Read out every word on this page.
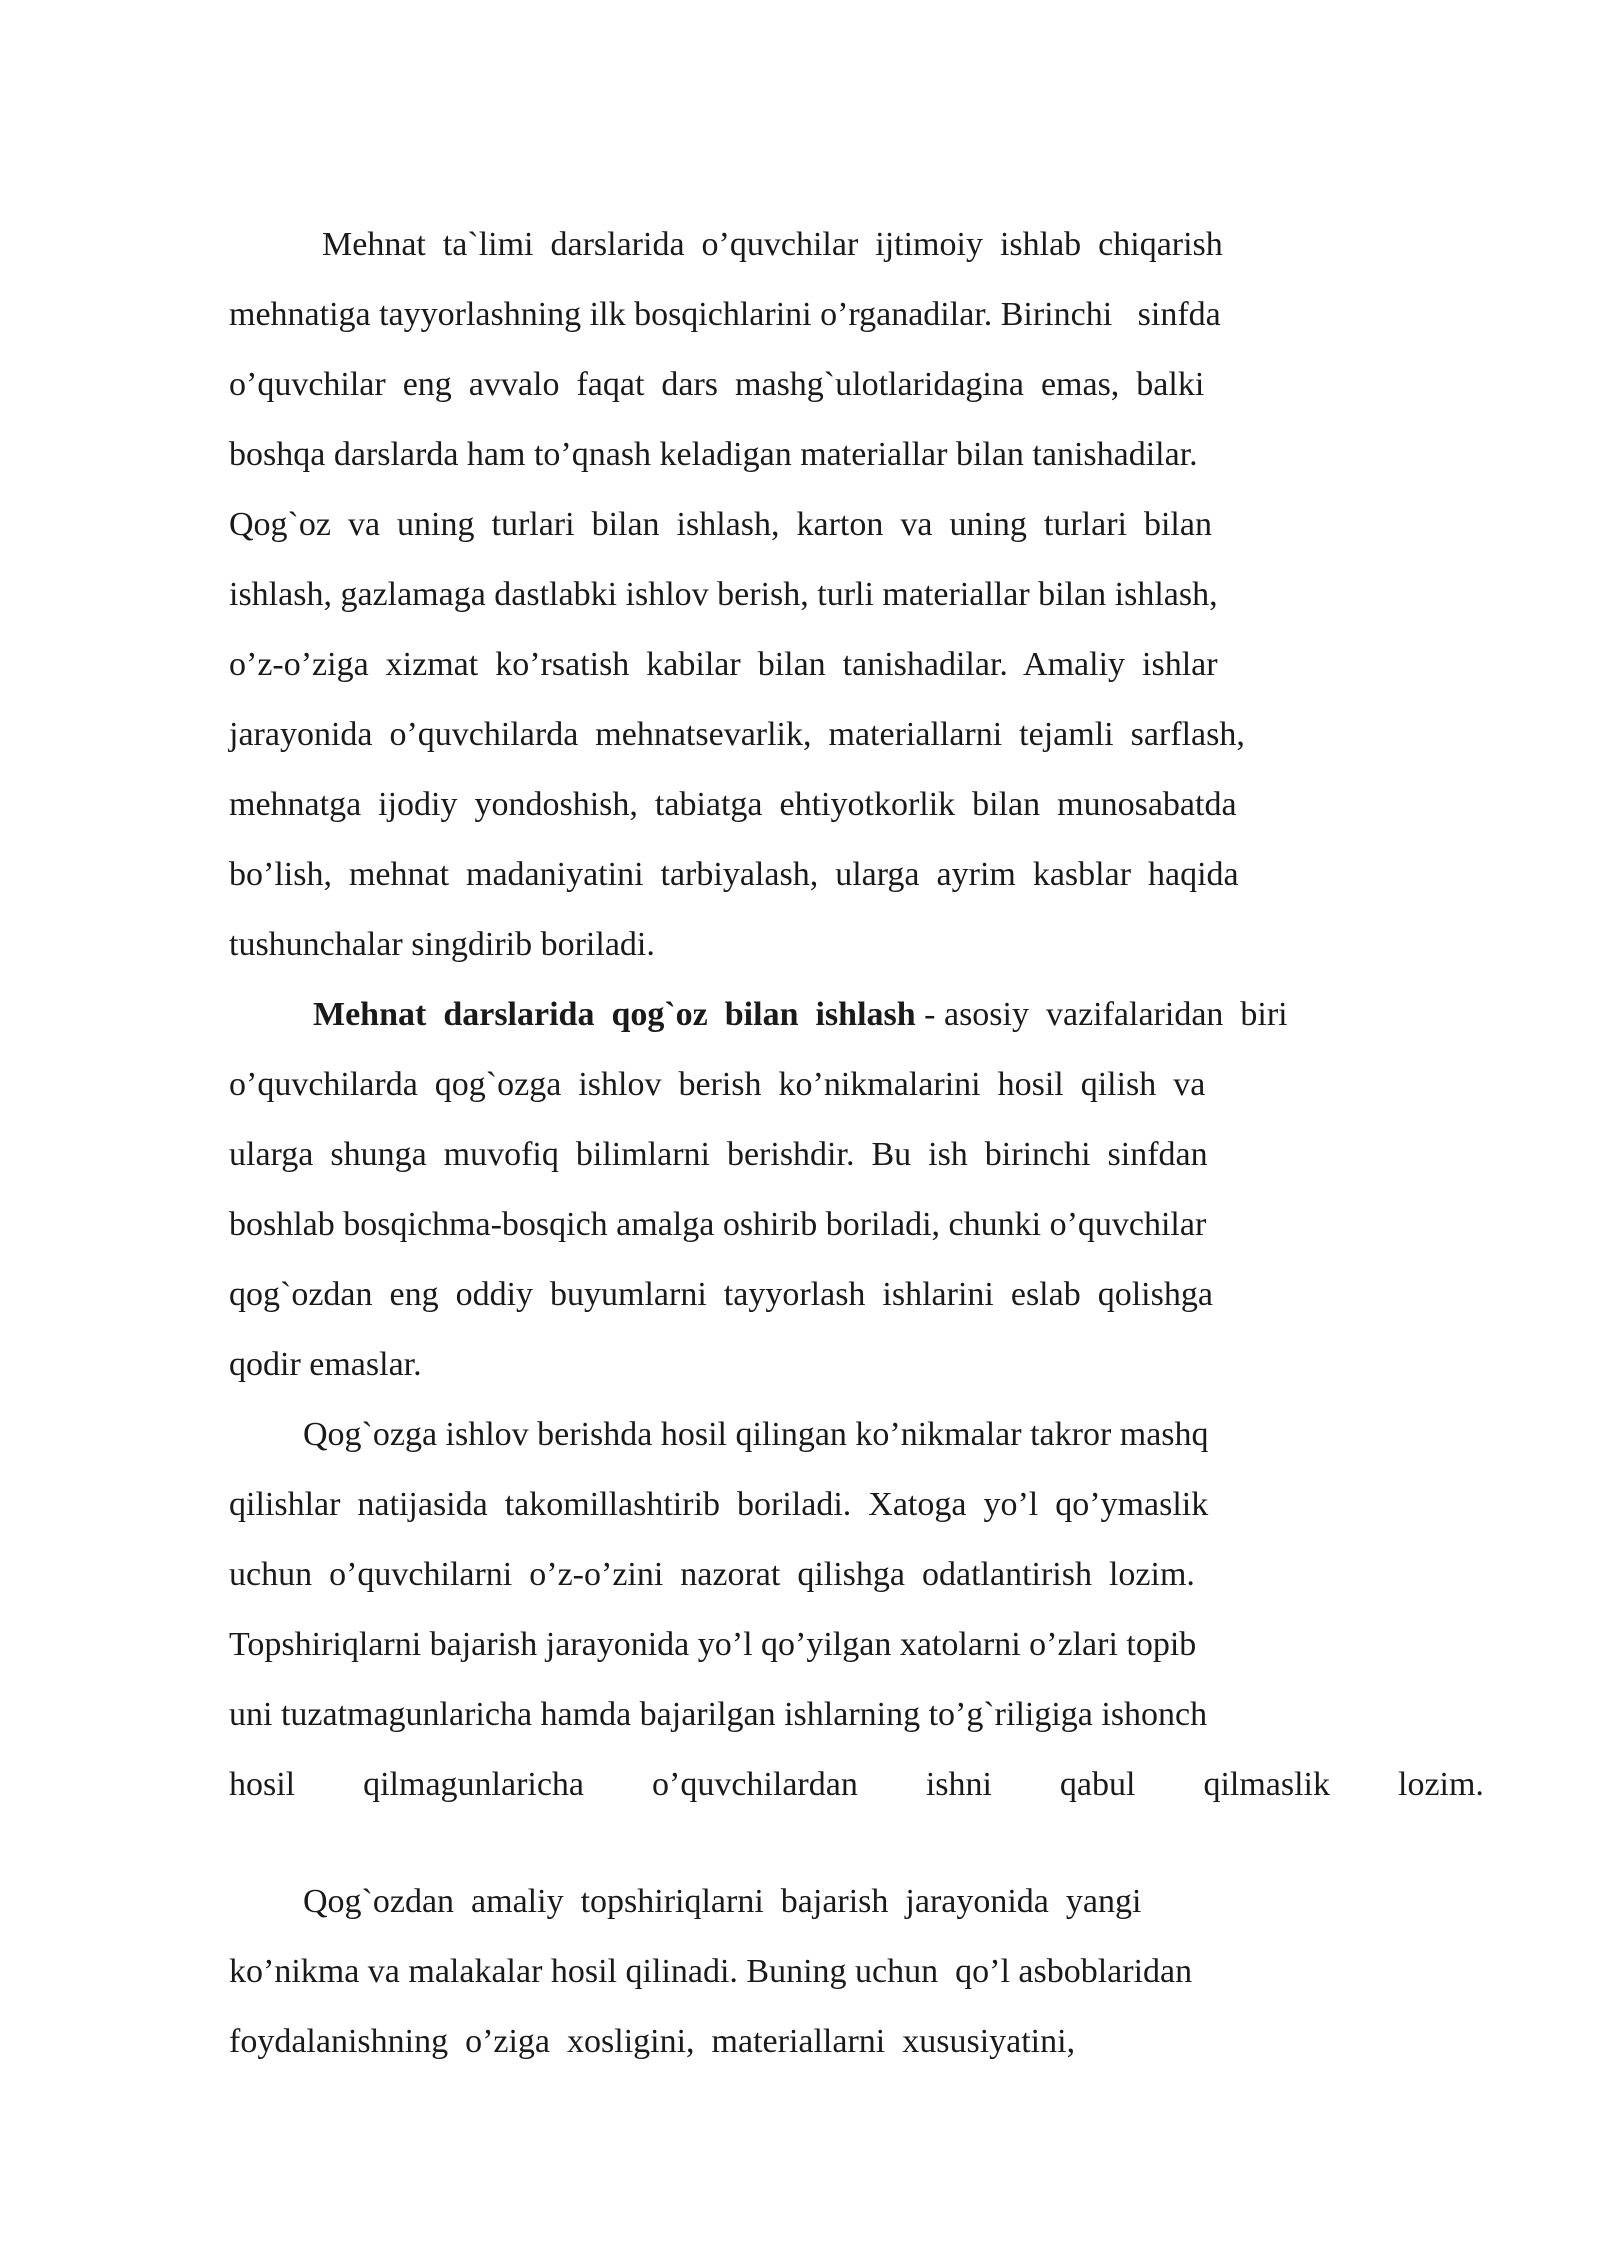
Mehnat  ta`limi  darslarida  o’quvchilar  ijtimoiy  ishlab  chiqarish
mehnatiga tayyorlashning ilk bosqichlarini o’rganadilar. Birinchi   sinfda
o’quvchilar  eng  avvalo  faqat  dars  mashg`ulotlaridagina  emas,  balki
boshqa darslarda ham to’qnash keladigan materiallar bilan tanishadilar.
Qog`oz  va  uning  turlari  bilan  ishlash,  karton  va  uning  turlari  bilan
ishlash, gazlamaga dastlabki ishlov berish, turli materiallar bilan ishlash,
o’z-o’ziga  xizmat  ko’rsatish  kabilar  bilan  tanishadilar.  Amaliy  ishlar
jarayonida  o’quvchilarda  mehnatsevarlik,  materiallarni  tejamli  sarflash,
mehnatga  ijodiy  yondoshish,  tabiatga  ehtiyotkorlik  bilan  munosabatda
bo’lish,  mehnat  madaniyatini  tarbiyalash,  ularga  ayrim  kasblar  haqida
tushunchalar singdirib boriladi.
Mehnat  darslarida  qog`oz  bilan  ishlash - asosiy  vazifalaridan  biri
o’quvchilarda  qog`ozga  ishlov  berish  ko’nikmalarini  hosil  qilish  va
ularga  shunga  muvofiq  bilimlarni  berishdir.  Bu  ish  birinchi  sinfdan
boshlab bosqichma-bosqich amalga oshirib boriladi, chunki o’quvchilar
qog`ozdan  eng  oddiy  buyumlarni  tayyorlash  ishlarini  eslab  qolishga
qodir emaslar.
Qog`ozga ishlov berishda hosil qilingan ko’nikmalar takror mashq
qilishlar  natijasida  takomillashtirib  boriladi.  Xatoga  yo’l  qo’ymaslik
uchun  o’quvchilarni  o’z-o’zini  nazorat  qilishga  odatlantirish  lozim.
Topshiriqlarni bajarish jarayonida yo’l qo’yilgan xatolarni o’zlari topib
uni tuzatmagunlaricha hamda bajarilgan ishlarning to’g`riligiga ishonch
hosil qilmagunlaricha o’quvchilardan ishni qabul qilmaslik lozim.
Qog`ozdan  amaliy  topshiriqlarni  bajarish  jarayonida  yangi
ko’nikma va malakalar hosil qilinadi. Buning uchun  qo’l asboblaridan
foydalanishning  o’ziga  xosligini,  materiallarni  xususiyatini,
